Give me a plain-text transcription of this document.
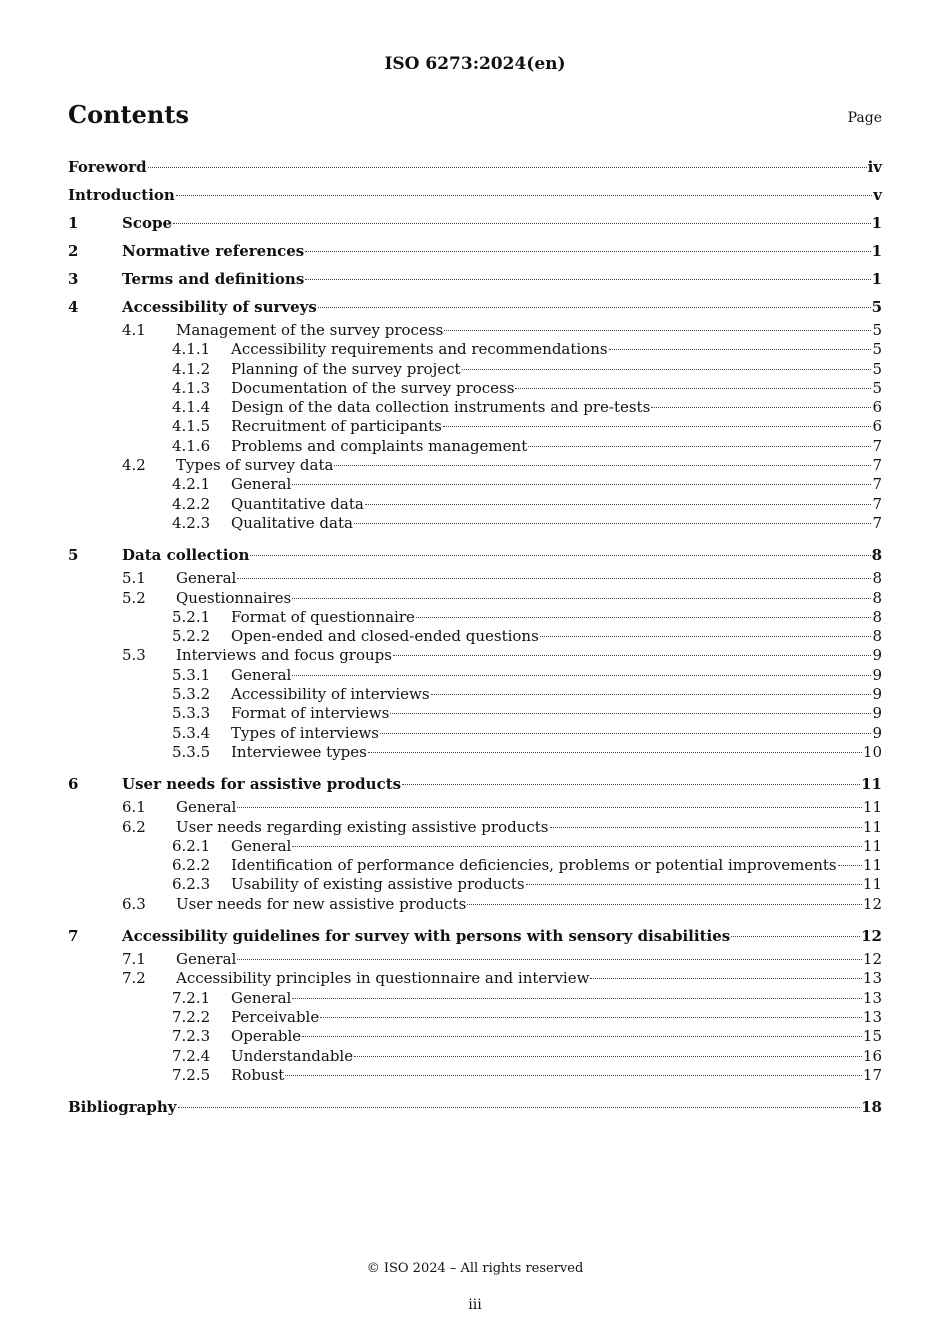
ISO 6273:2024(en)
Contents	Page
Foreword	iv
Introduction	v
1	Scope	1
2	Normative references	1
3	Terms and definitions	1
4	Accessibility of surveys	5
4.1	Management of the survey process	5
4.1.1	Accessibility requirements and recommendations	5
4.1.2	Planning of the survey project	5
4.1.3	Documentation of the survey process	5
4.1.4	Design of the data collection instruments and pre-tests	6
4.1.5	Recruitment of participants	6
4.1.6	Problems and complaints management	7
4.2	Types of survey data	7
4.2.1	General	7
4.2.2	Quantitative data	7
4.2.3	Qualitative data	7
5	Data collection	8
5.1	General	8
5.2	Questionnaires	8
5.2.1	Format of questionnaire	8
5.2.2	Open-ended and closed-ended questions	8
5.3	Interviews and focus groups	9
5.3.1	General	9
5.3.2	Accessibility of interviews	9
5.3.3	Format of interviews	9
5.3.4	Types of interviews	9
5.3.5	Interviewee types	10
6	User needs for assistive products	11
6.1	General	11
6.2	User needs regarding existing assistive products	11
6.2.1	General	11
6.2.2	Identification of performance deficiencies, problems or potential improvements 11
6.2.3	Usability of existing assistive products	11
6.3	User needs for new assistive products	12
7	Accessibility guidelines for survey with persons with sensory disabilities	12
7.1	General	12
7.2	Accessibility principles in questionnaire and interview	13
7.2.1	General	13
7.2.2	Perceivable	13
7.2.3	Operable	15
7.2.4	Understandable	16
7.2.5	Robust	17
Bibliography	18
© ISO 2024 – All rights reserved
iii
